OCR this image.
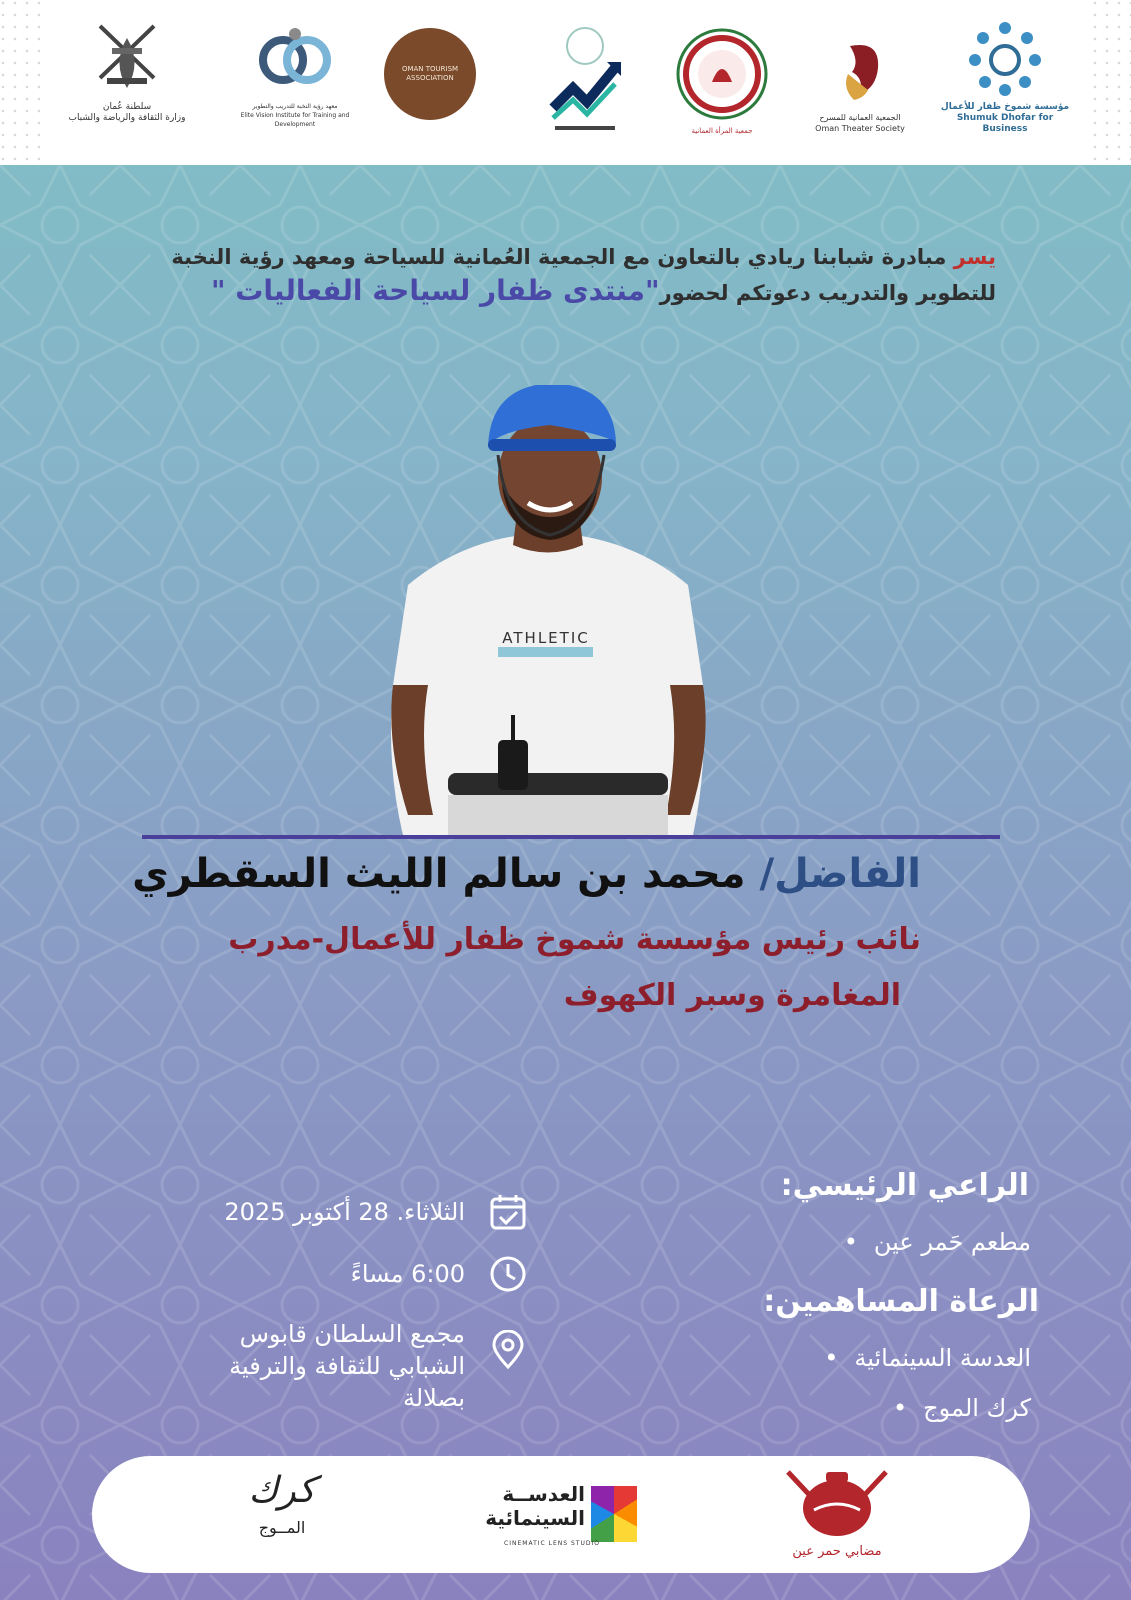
سلطنة عُمان
وزارة الثقافة والرياضة والشباب
معهد رؤية النخبة للتدريب والتطوير
Elite Vision Institute for Training and Development
OMAN TOURISM ASSOCIATION
جمعية المرأة العمانية
الجمعية العمانية للمسرح
Oman Theater Society
مؤسسة شموخ ظفار للأعمال
Shumuk Dhofar for Business
يسر مبادرة شبابنا ريادي بالتعاون مع الجمعية العُمانية للسياحة ومعهد رؤية النخبة
للتطوير والتدريب دعوتكم لحضور"منتدى ظفار لسياحة الفعاليات "
ATHLETIC
الفاضل/ محمد بن سالم الليث السقطري
نائب رئيس مؤسسة شموخ ظفار للأعمال-مدرب
المغامرة وسبر الكهوف
الراعي الرئيسي:
مطعم حَمر عين•
الرعاة المساهمين:
العدسة السينمائية•
كرك الموج•
الثلاثاء. 28 أكتوبر 2025
6:00 مساءً
مجمع السلطان قابوس الشبابي للثقافة والترفية بصلالة
كرك
المــوج
العدســة
السينمائية
CINEMATIC LENS STUDIO
مضابي حمر عين
